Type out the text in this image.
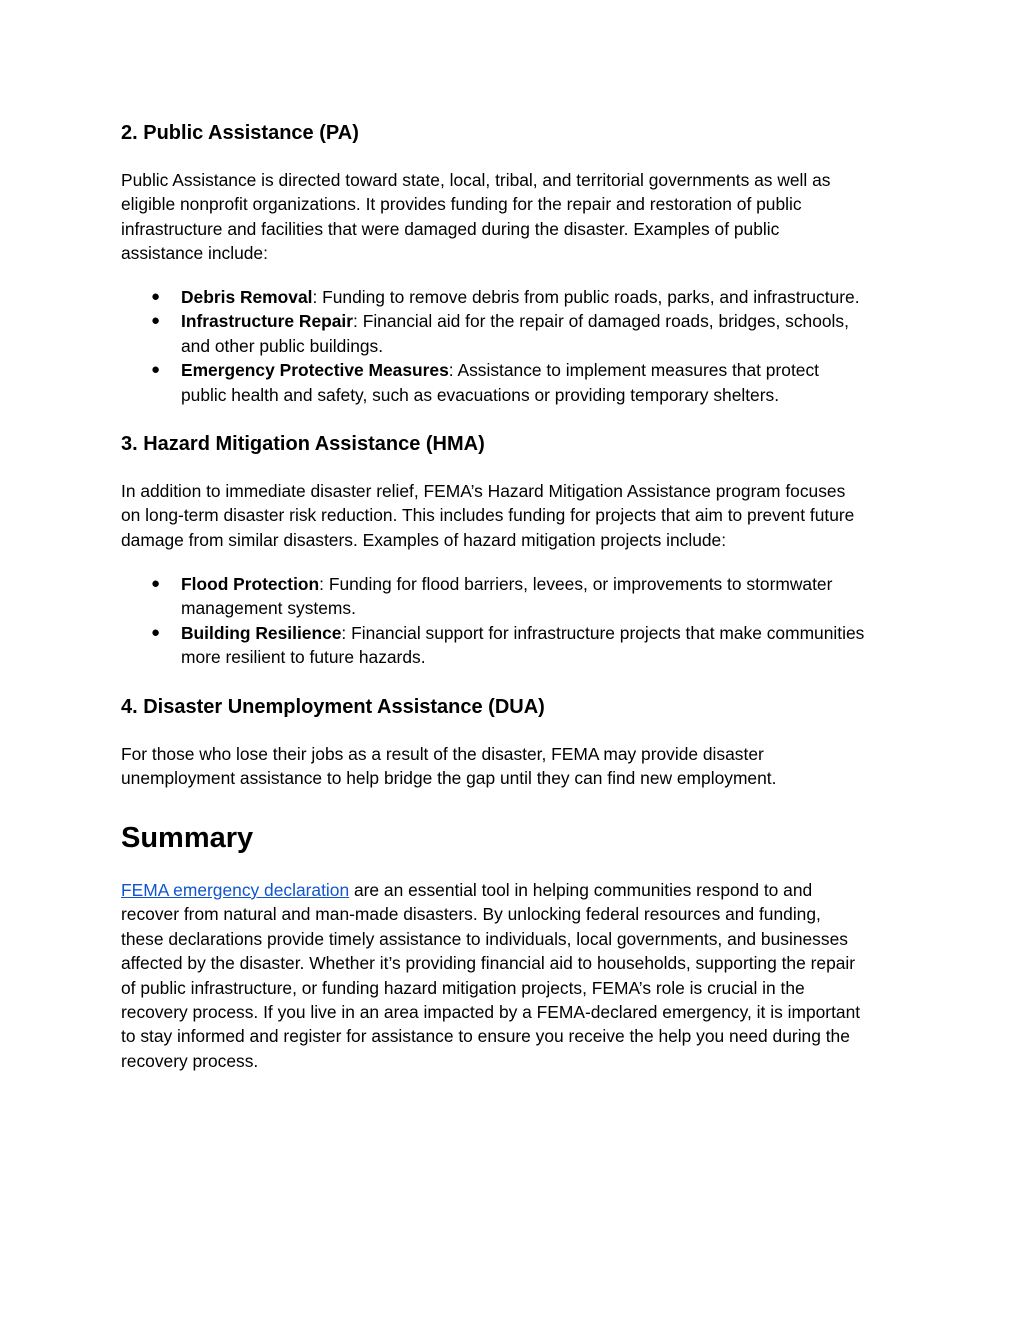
2. Public Assistance (PA)

Public Assistance is directed toward state, local, tribal, and territorial governments as well as
eligible nonprofit organizations. It provides funding for the repair and restoration of public
infrastructure and facilities that were damaged during the disaster. Examples of public
assistance include:

● Debris Removal: Funding to remove debris from public roads, parks, and infrastructure.
● Infrastructure Repair: Financial aid for the repair of damaged roads, bridges, schools,
and other public buildings.
● Emergency Protective Measures: Assistance to implement measures that protect
public health and safety, such as evacuations or providing temporary shelters.
3. Hazard Mitigation Assistance (HMA)

In addition to immediate disaster relief, FEMA’s Hazard Mitigation Assistance program focuses
on long-term disaster risk reduction. This includes funding for projects that aim to prevent future
damage from similar disasters. Examples of hazard mitigation projects include:

● Flood Protection: Funding for flood barriers, levees, or improvements to stormwater
management systems.
● Building Resilience: Financial support for infrastructure projects that make communities
more resilient to future hazards.
4. Disaster Unemployment Assistance (DUA)

For those who lose their jobs as a result of the disaster, FEMA may provide disaster
unemployment assistance to help bridge the gap until they can find new employment.

Summary

FEMA emergency declaration are an essential tool in helping communities respond to and
recover from natural and man-made disasters. By unlocking federal resources and funding,
these declarations provide timely assistance to individuals, local governments, and businesses
affected by the disaster. Whether it’s providing financial aid to households, supporting the repair
of public infrastructure, or funding hazard mitigation projects, FEMA’s role is crucial in the
recovery process. If you live in an area impacted by a FEMA-declared emergency, it is important
to stay informed and register for assistance to ensure you receive the help you need during the
recovery process.
